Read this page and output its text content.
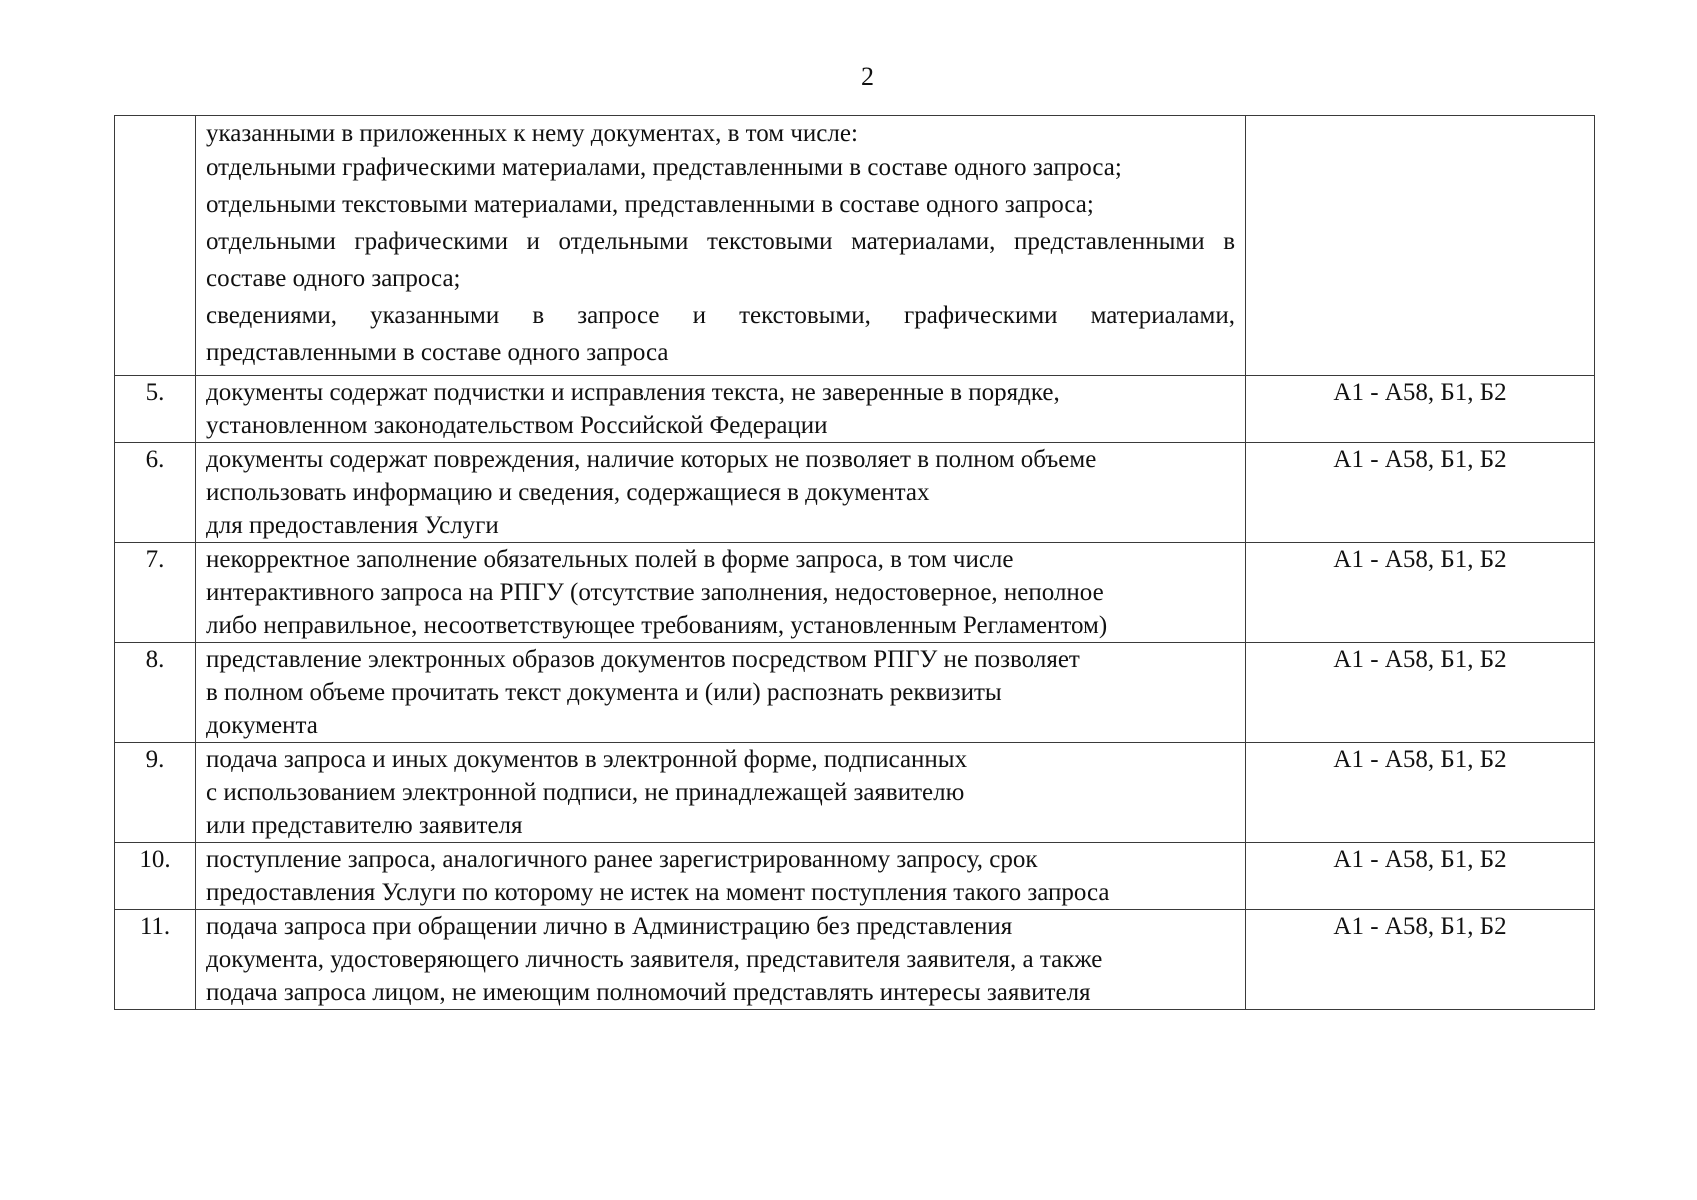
2

	указанными в приложенных к нему документах, в том числе:
отдельными графическими материалами, представленными в составе одного запроса;
отдельными текстовыми материалами, представленными в составе одного запроса;
отдельными графическими и отдельными текстовыми материалами, представленными в составе одного запроса;
сведениями, указанными в запросе и текстовыми, графическими материалами, представленными в составе одного запроса	

5.	документы содержат подчистки и исправления текста, не заверенные в порядке,
установленном законодательством Российской Федерации	А1 - А58, Б1, Б2
6.	документы содержат повреждения, наличие которых не позволяет в полном объеме
использовать информацию и сведения, содержащиеся в документах
для предоставления Услуги	А1 - А58, Б1, Б2
7.	некорректное заполнение обязательных полей в форме запроса, в том числе
интерактивного запроса на РПГУ (отсутствие заполнения, недостоверное, неполное
либо неправильное, несоответствующее требованиям, установленным Регламентом)	А1 - А58, Б1, Б2
8.	представление электронных образов документов посредством РПГУ не позволяет
в полном объеме прочитать текст документа и (или) распознать реквизиты
документа	А1 - А58, Б1, Б2
9.	подача запроса и иных документов в электронной форме, подписанных
с использованием электронной подписи, не принадлежащей заявителю
или представителю заявителя	А1 - А58, Б1, Б2
10.	поступление запроса, аналогичного ранее зарегистрированному запросу, срок
предоставления Услуги по которому не истек на момент поступления такого запроса	А1 - А58, Б1, Б2
11.	подача запроса при обращении лично в Администрацию без представления
документа, удостоверяющего личность заявителя, представителя заявителя, а также
подача запроса лицом, не имеющим полномочий представлять интересы заявителя	А1 - А58, Б1, Б2
